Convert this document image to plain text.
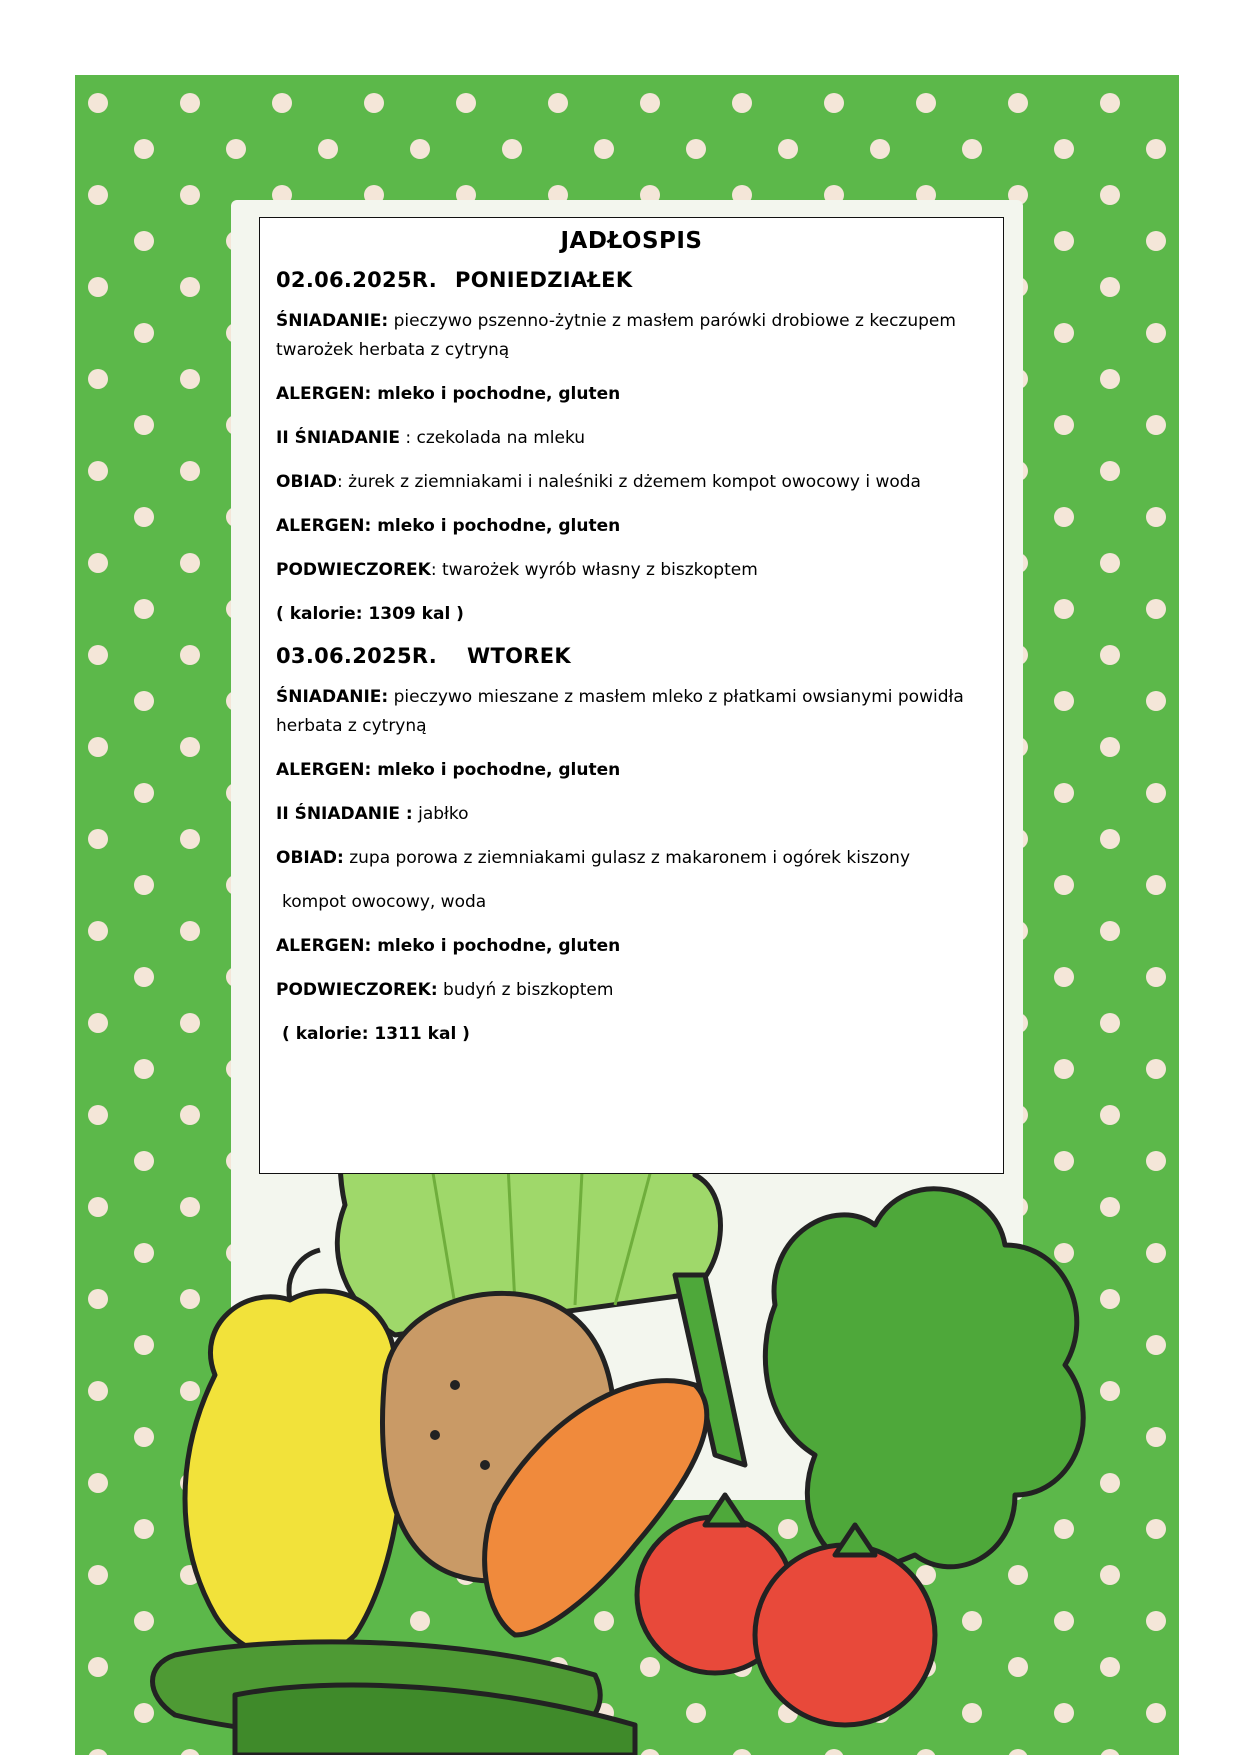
JADŁOSPIS
02.06.2025R. PONIEDZIAŁEK
ŚNIADANIE: pieczywo pszenno-żytnie z masłem parówki drobiowe z keczupem twarożek herbata z cytryną
ALERGEN: mleko i pochodne, gluten
II ŚNIADANIE : czekolada na mleku
OBIAD: żurek z ziemniakami i naleśniki z dżemem kompot owocowy i woda
ALERGEN: mleko i pochodne, gluten
PODWIECZOREK: twarożek wyrób własny z biszkoptem
( kalorie: 1309 kal )
03.06.2025R. WTOREK
ŚNIADANIE: pieczywo mieszane z masłem mleko z płatkami owsianymi powidła herbata z cytryną
ALERGEN: mleko i pochodne, gluten
II ŚNIADANIE : jabłko
OBIAD: zupa porowa z ziemniakami gulasz z makaronem i ogórek kiszony
kompot owocowy, woda
ALERGEN: mleko i pochodne, gluten
PODWIECZOREK: budyń z biszkoptem
( kalorie: 1311 kal )
